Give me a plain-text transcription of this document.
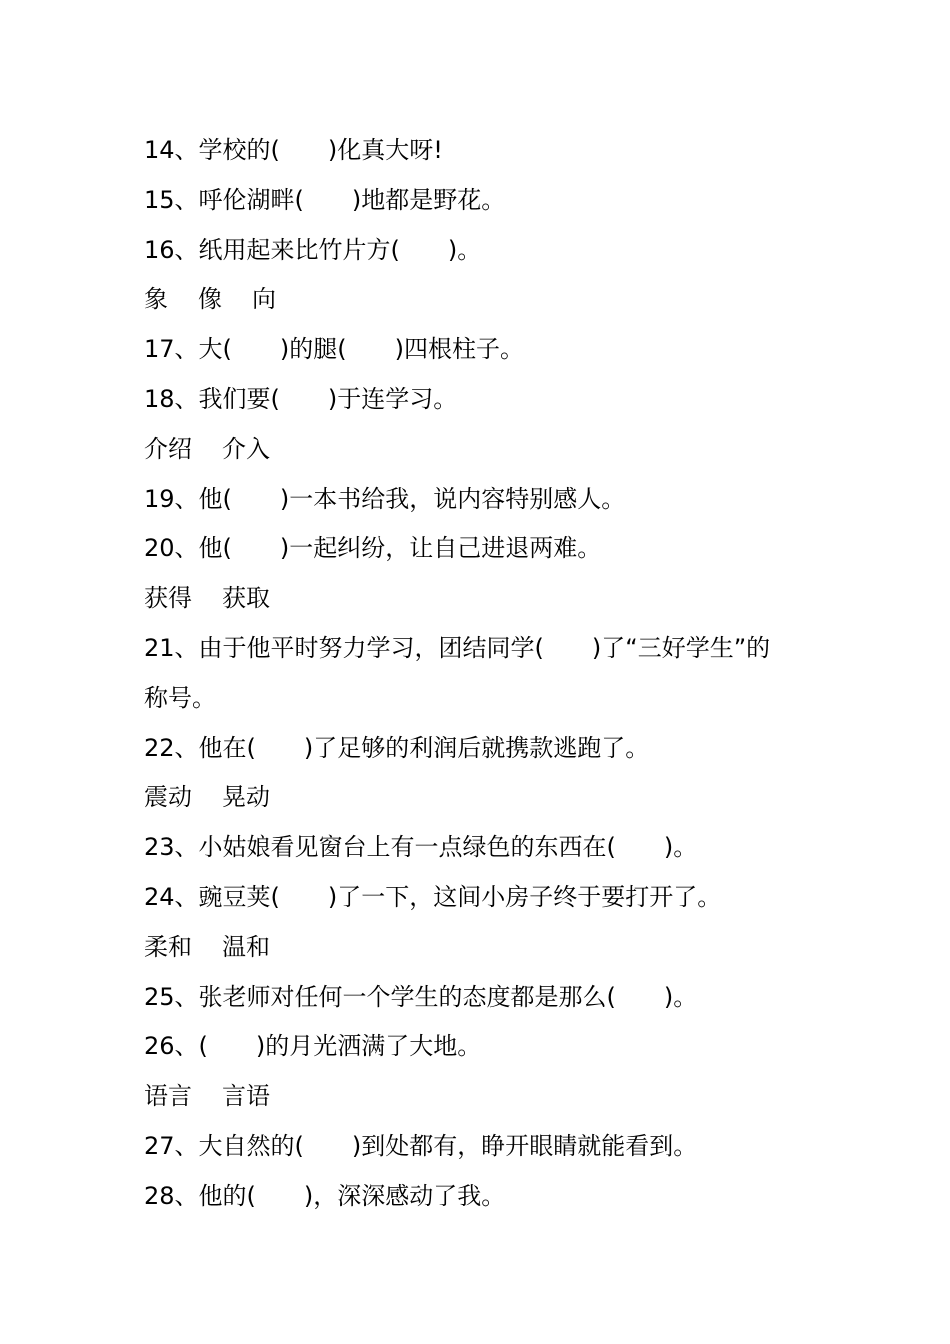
14、学校的(　　)化真大呀!
15、呼伦湖畔(　　)地都是野花。
16、纸用起来比竹片方(　　)。
象 像 向
17、大(　　)的腿(　　)四根柱子。
18、我们要(　　)于连学习。
介绍 介入
19、他(　　)一本书给我，说内容特别感人。
20、他(　　)一起纠纷，让自己进退两难。
获得 获取
21、由于他平时努力学习，团结同学(　　)了“三好学生”的
称号。
22、他在(　　)了足够的利润后就携款逃跑了。
震动 晃动
23、小姑娘看见窗台上有一点绿色的东西在(　　)。
24、豌豆荚(　　)了一下，这间小房子终于要打开了。
柔和 温和
25、张老师对任何一个学生的态度都是那么(　　)。
26、(　　)的月光洒满了大地。
语言 言语
27、大自然的(　　)到处都有，睁开眼睛就能看到。
28、他的(　　)，深深感动了我。
